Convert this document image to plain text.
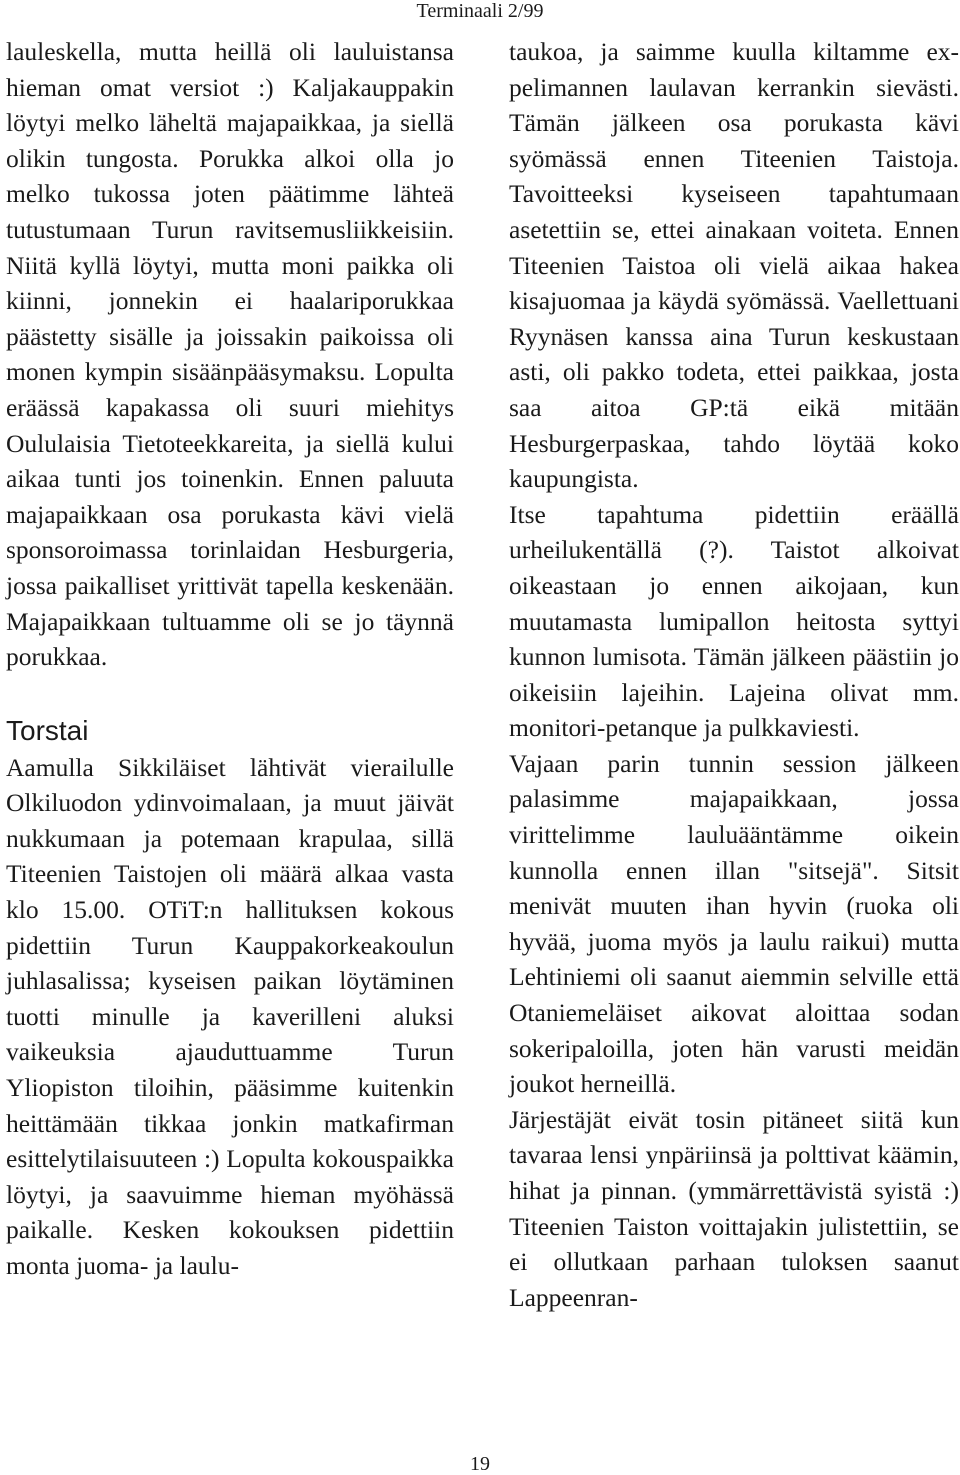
Terminaali 2/99

lauleskella, mutta heillä oli lauluistansa hieman omat versiot :) Kaljakauppakin löytyi melko läheltä majapaikkaa, ja siellä olikin tungosta. Porukka alkoi olla jo melko tukossa joten päätimme lähteä tutustumaan Turun ravitsemusliikkeisiin. Niitä kyllä löytyi, mutta moni paikka oli kiinni, jonnekin ei haalariporukkaa päästetty sisälle ja joissakin paikoissa oli monen kympin sisäänpääsymaksu. Lopulta eräässä kapakassa oli suuri miehitys Oululaisia Tietoteekkareita, ja siellä kului aikaa tunti jos toinenkin. Ennen paluuta majapaikkaan osa porukasta kävi vielä sponsoroimassa torinlaidan Hesburgeria, jossa paikalliset yrittivät tapella keskenään. Majapaikkaan tultuamme oli se jo täynnä porukkaa.

Torstai

Aamulla Sikkiläiset lähtivät vierailulle Olkiluodon ydinvoimalaan, ja muut jäivät nukkumaan ja potemaan krapulaa, sillä Titeenien Taistojen oli määrä alkaa vasta klo 15.00. OTiT:n hallituksen kokous pidettiin Turun Kauppakorkeakoulun juhlasalissa; kyseisen paikan löytäminen tuotti minulle ja kaverilleni aluksi vaikeuksia ajauduttuamme Turun Yliopiston tiloihin, pääsimme kuitenkin heittämään tikkaa jonkin matkafirman esittelytilaisuuteen :) Lopulta kokouspaikka löytyi, ja saavuimme hieman myöhässä paikalle. Kesken kokouksen pidettiin monta juoma- ja laulu-

taukoa, ja saimme kuulla kiltamme ex-pelimannen laulavan kerrankin sievästi. Tämän jälkeen osa porukasta kävi syömässä ennen Titeenien Taistoja. Tavoitteeksi kyseiseen tapahtumaan asetettiin se, ettei ainakaan voiteta. Ennen Titeenien Taistoa oli vielä aikaa hakea kisajuomaa ja käydä syömässä. Vaellettuani Ryynäsen kanssa aina Turun keskustaan asti, oli pakko todeta, ettei paikkaa, josta saa aitoa GP:tä eikä mitään Hesburgerpaskaa, tahdo löytää koko kaupungista.

Itse tapahtuma pidettiin eräällä urheilukentällä (?). Taistot alkoivat oikeastaan jo ennen aikojaan, kun muutamasta lumipallon heitosta syttyi kunnon lumisota. Tämän jälkeen päästiin jo oikeisiin lajeihin. Lajeina olivat mm. monitori-petanque ja pulkkaviesti.

Vajaan parin tunnin session jälkeen palasimme majapaikkaan, jossa virittelimme lauluääntämme oikein kunnolla ennen illan "sitsejä". Sitsit menivät muuten ihan hyvin (ruoka oli hyvää, juoma myös ja laulu raikui) mutta Lehtiniemi oli saanut aiemmin selville että Otaniemeläiset aikovat aloittaa sodan sokeripaloilla, joten hän varusti meidän joukot herneillä.

Järjestäjät eivät tosin pitäneet siitä kun tavaraa lensi ynpäriinsä ja polttivat käämin, hihat ja pinnan. (ymmärrettävistä syistä :) Titeenien Taiston voittajakin julistettiin, se ei ollutkaan parhaan tuloksen saanut Lappeenran-

19
